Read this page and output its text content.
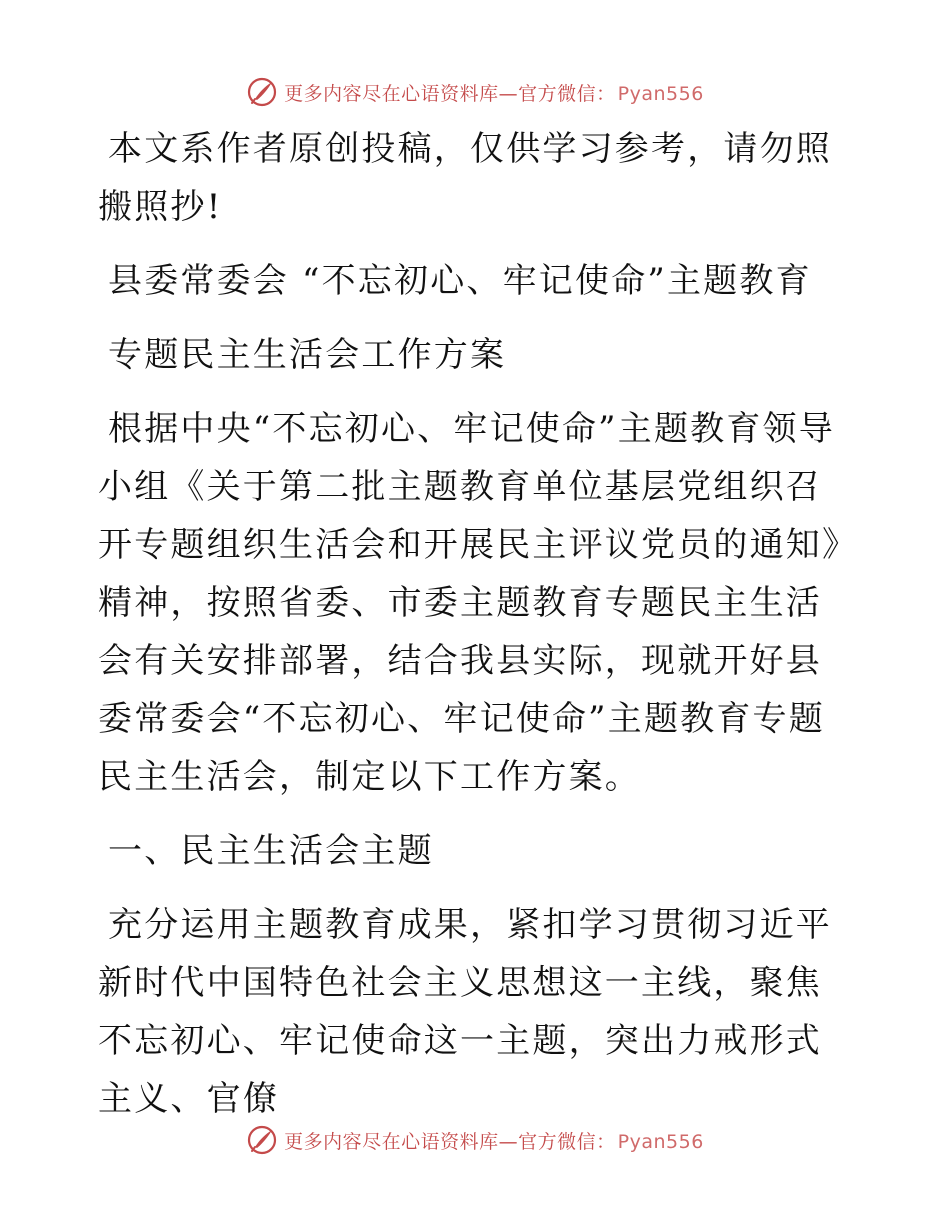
更多内容尽在心语资料库—官方微信： Pyan556

本文系作者原创投稿，仅供学习参考，请勿照搬照抄!

县委常委会 “不忘初心、牢记使命”主题教育

专题民主生活会工作方案

根据中央“不忘初心、牢记使命”主题教育领导小组《关于第二批主题教育单位基层党组织召开专题组织生活会和开展民主评议党员的通知》精神，按照省委、市委主题教育专题民主生活会有关安排部署，结合我县实际，现就开好县委常委会“不忘初心、牢记使命”主题教育专题民主生活会，制定以下工作方案。

一、民主生活会主题

充分运用主题教育成果，紧扣学习贯彻习近平新时代中国特色社会主义思想这一主线，聚焦不忘初心、牢记使命这一主题，突出力戒形式主义、官僚

更多内容尽在心语资料库—官方微信： Pyan556
